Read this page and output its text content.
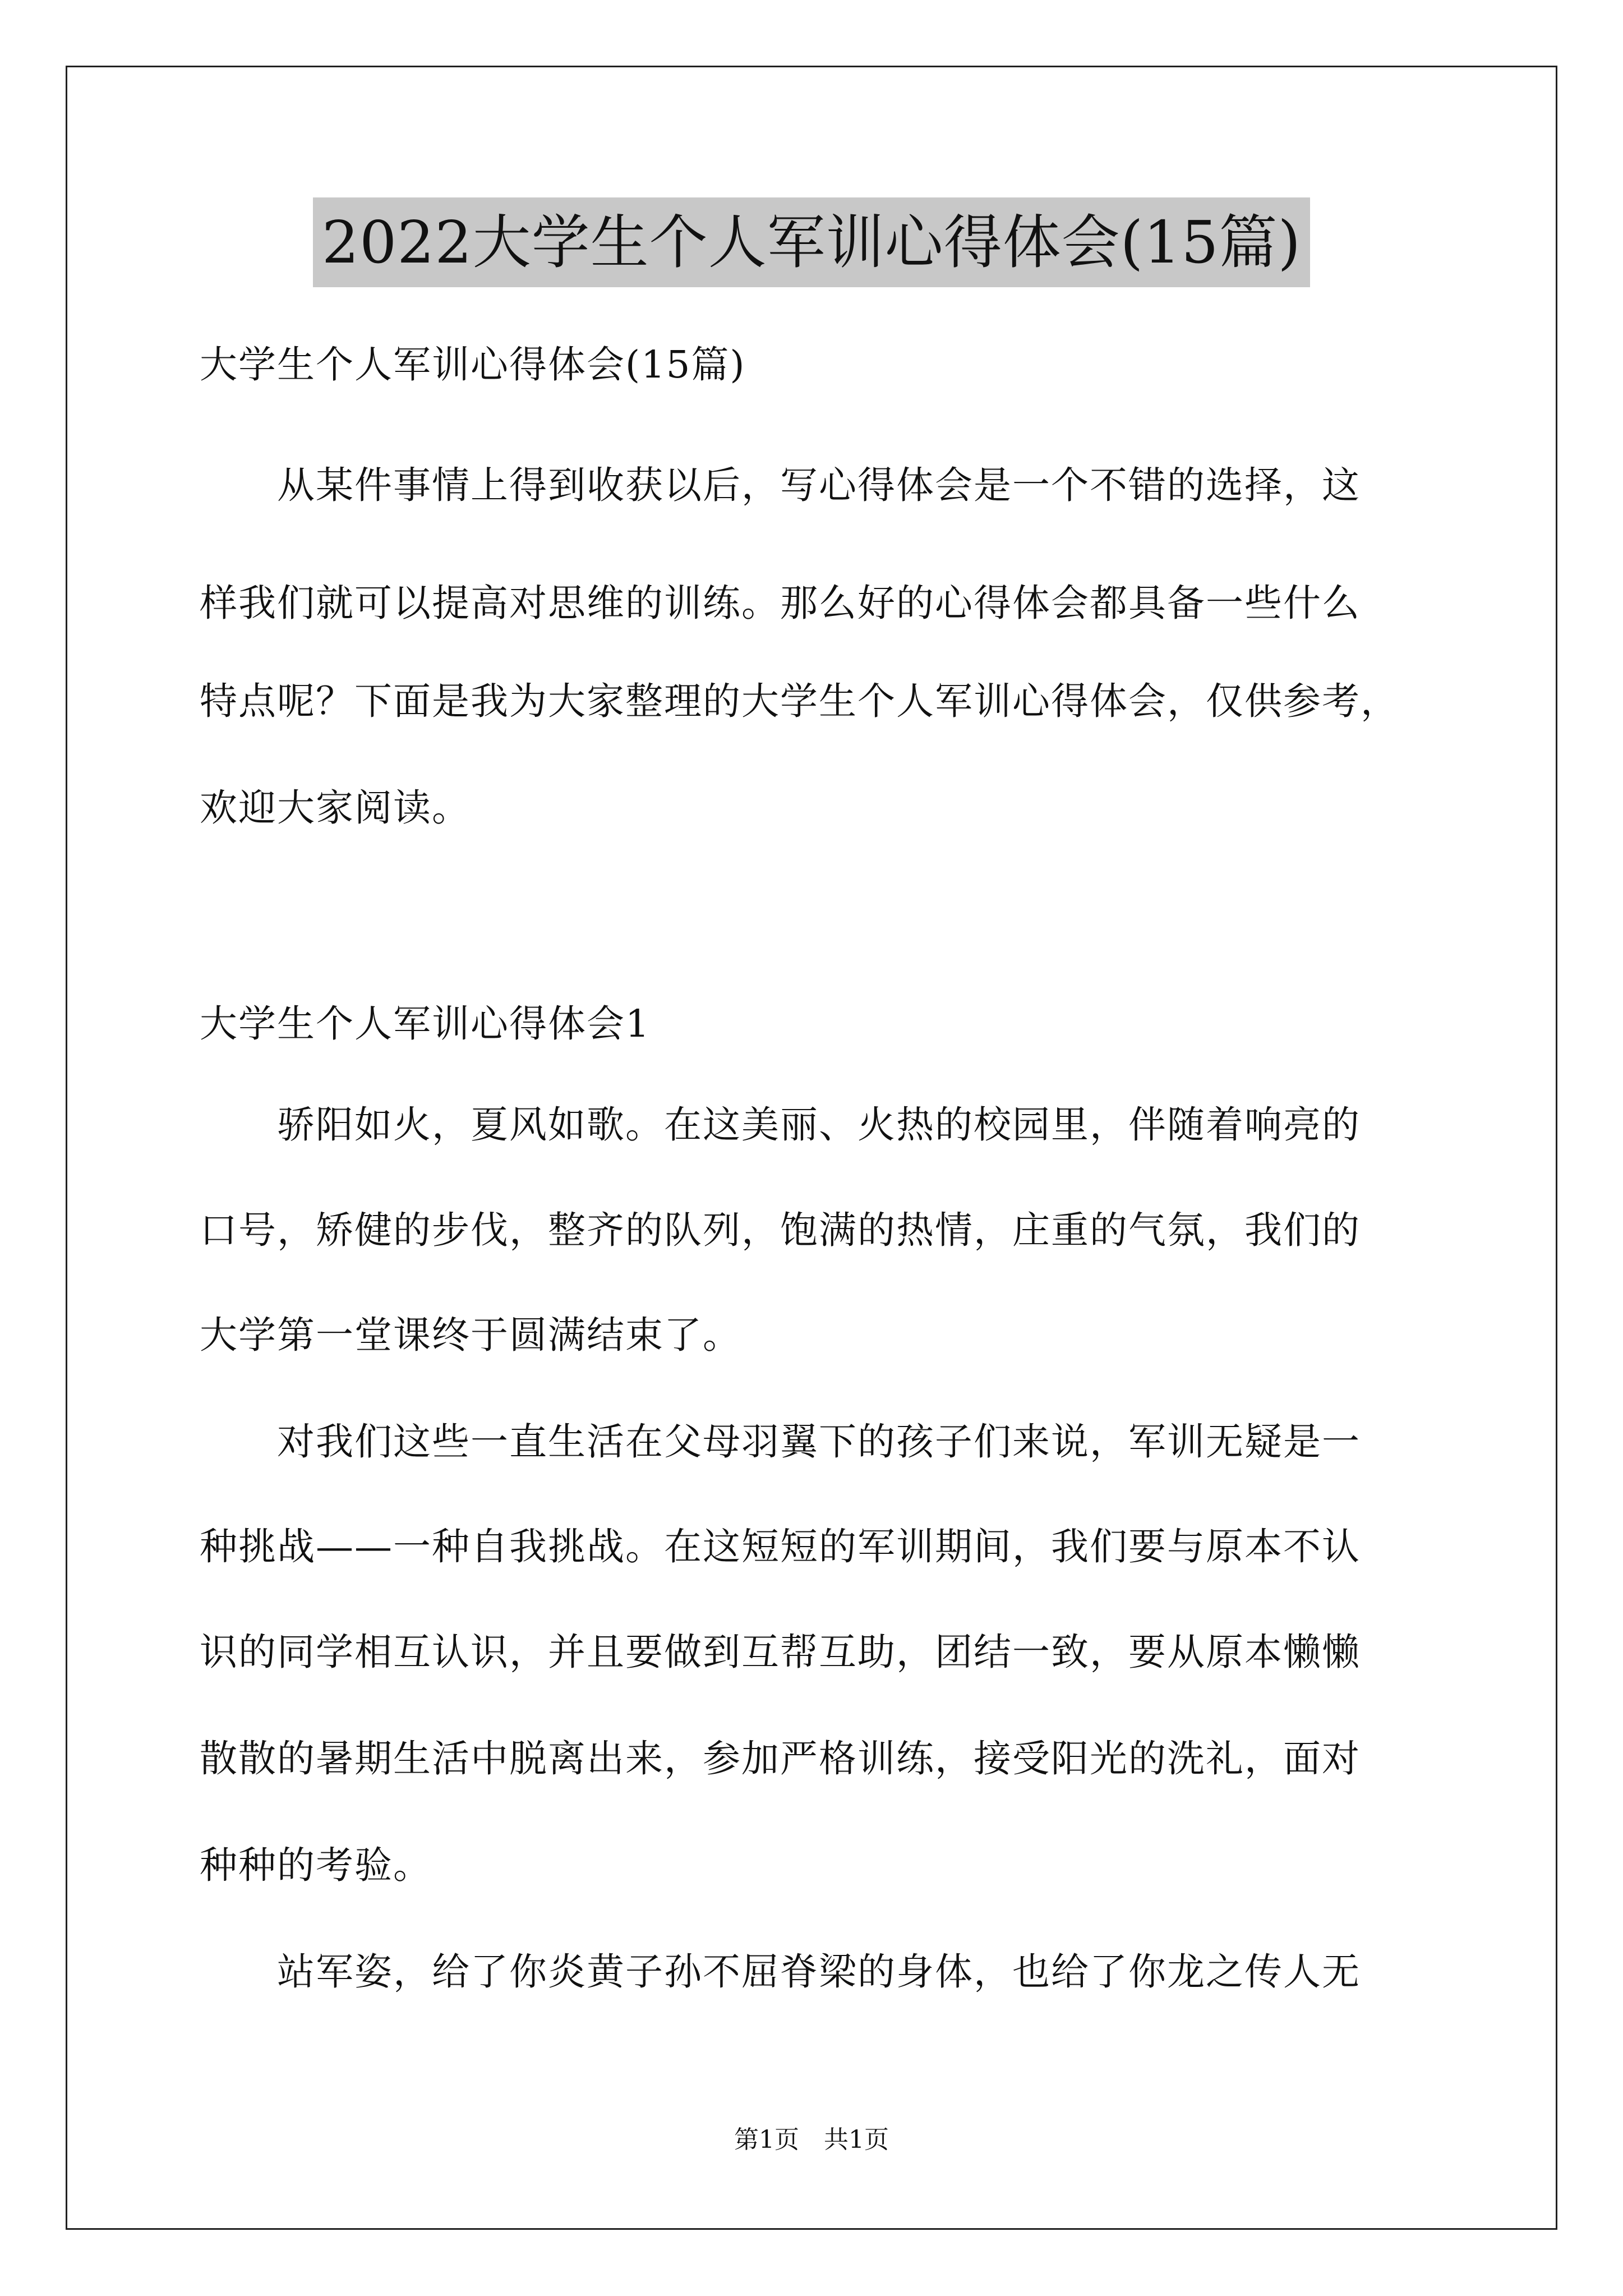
2022大学生个人军训心得体会(15篇)
大学生个人军训心得体会(15篇)
　　从某件事情上得到收获以后，写心得体会是一个不错的选择，这
样我们就可以提高对思维的训练。那么好的心得体会都具备一些什么
特点呢？下面是我为大家整理的大学生个人军训心得体会，仅供参考，
欢迎大家阅读。
大学生个人军训心得体会1
　　骄阳如火，夏风如歌。在这美丽、火热的校园里，伴随着响亮的
口号，矫健的步伐，整齐的队列，饱满的热情，庄重的气氛，我们的
大学第一堂课终于圆满结束了。
　　对我们这些一直生活在父母羽翼下的孩子们来说，军训无疑是一
种挑战——一种自我挑战。在这短短的军训期间，我们要与原本不认
识的同学相互认识，并且要做到互帮互助，团结一致，要从原本懒懒
散散的暑期生活中脱离出来，参加严格训练，接受阳光的洗礼，面对
种种的考验。
　　站军姿，给了你炎黄子孙不屈脊梁的身体，也给了你龙之传人无
第1页　共1页
